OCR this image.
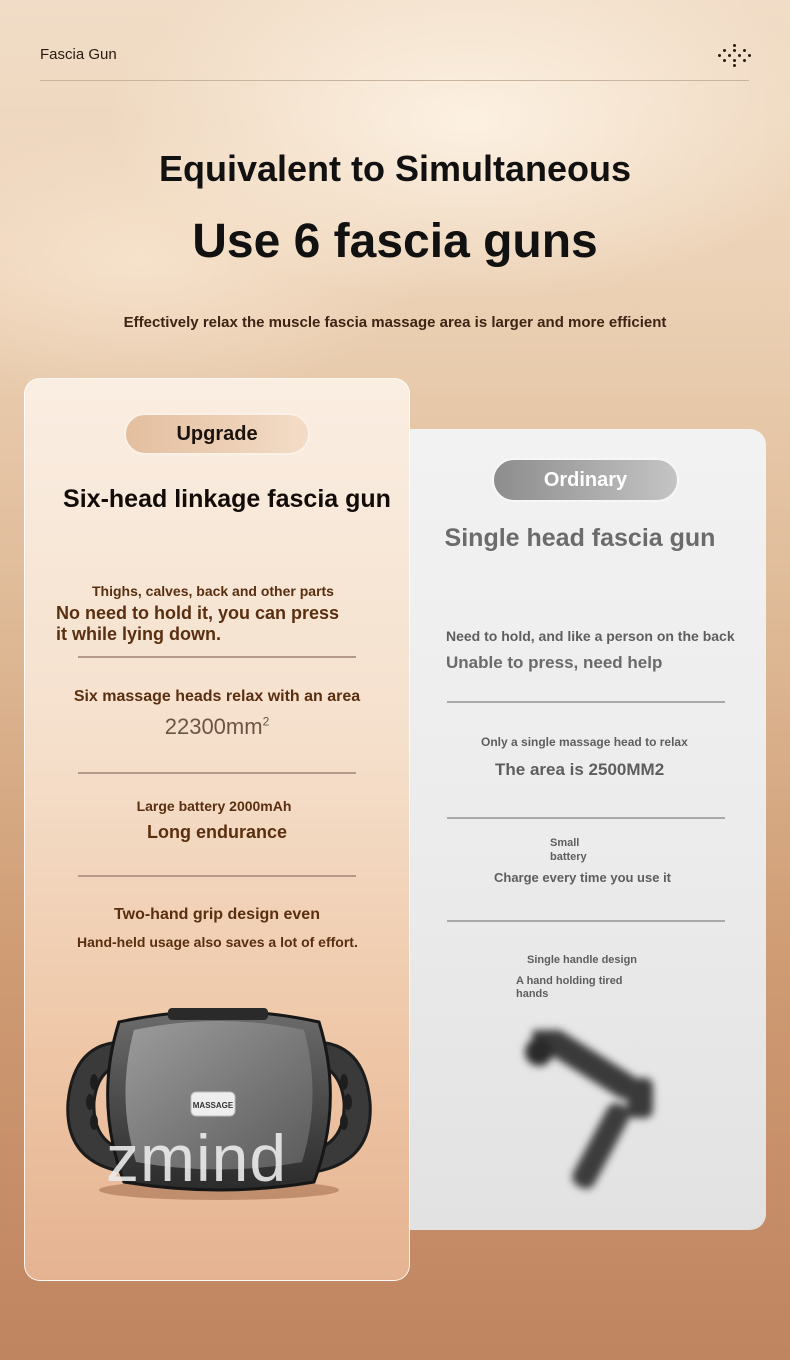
Fascia Gun
Equivalent to Simultaneous
Use 6 fascia guns
Effectively relax the muscle fascia massage area is larger and more efficient
Upgrade
Six-head linkage fascia gun
Thighs, calves, back and other parts
No need to hold it, you can press
it while lying down.
Six massage heads relax with an area
$22300mm^2$
Large battery 2000mAh
Long endurance
Two-hand grip design even
Hand-held usage also saves a lot of effort.
MASSAGE
zmind
Ordinary
Single head fascia gun
Need to hold, and like a person on the back
Unable to press, need help
Only a single massage head to relax
The area is 2500MM2
Small
battery
Charge every time you use it
Single handle design
A hand holding tired
hands
